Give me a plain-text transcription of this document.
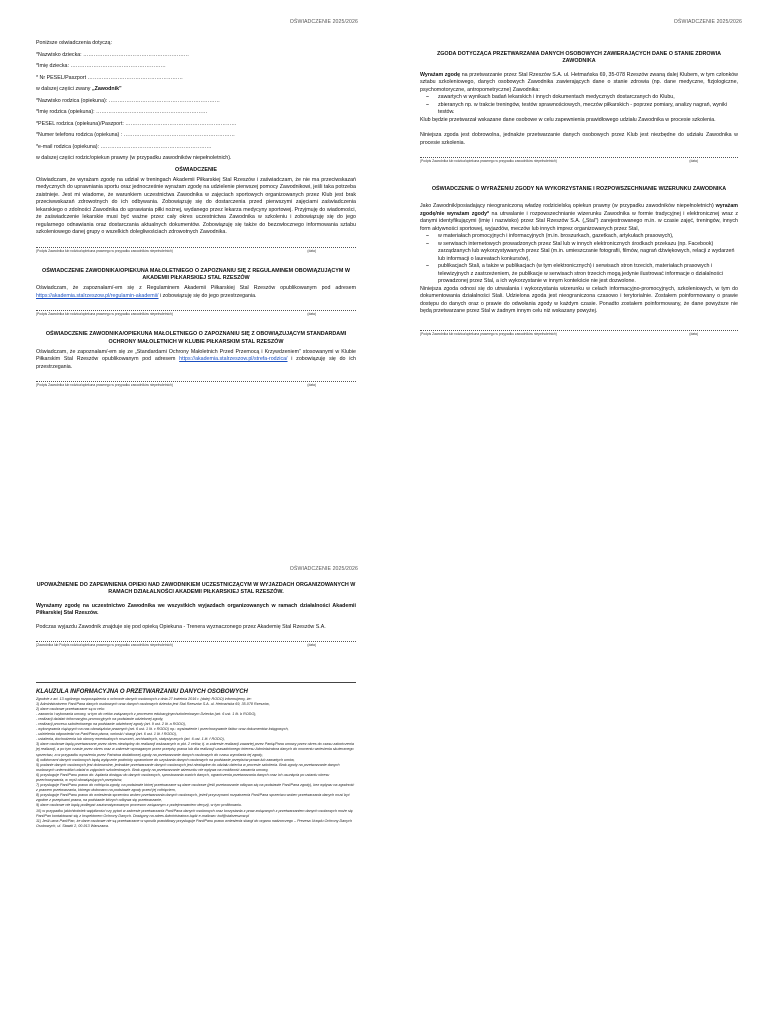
OŚWIADCZENIE 2025/2026

Poniższe oświadczenia dotyczą:

*Nazwisko dziecka: ……………………………………………………

*Imię dziecka: ………………………………………………

* Nr PESEL/Paszport ………………………………………………

w dalszej części zwany „Zawodnik”

*Nazwisko rodzica (opiekuna): ………………………………………………………

*Imię rodzica (opiekuna): ………………………………………………………

*PESEL rodzica (opiekuna)/Paszport: ………………………………………………………

*Numer telefonu rodzica (opiekuna) : ………………………………………………………

*e-mail rodzica (opiekuna): ………………………………………………………

w dalszej części rodzic/opiekun prawny (w przypadku zawodników niepełnoletnich).

OŚWIADCZENIE

Oświadczam, że wyrażam zgodę na udział w treningach Akademii Piłkarskiej Stal Rzeszów i zaświadczam, że nie ma przeciwskazań medycznych do uprawniania sportu oraz jednocześnie wyrażam zgodę na udzielenie pierwszej pomocy Zawodnikowi, jeśli taka potrzeba zaistnieje. Jest mi wiadome, że warunkiem uczestnictwa Zawodnika w zajęciach sportowych organizowanych przez Klub jest brak przeciwwskazań zdrowotnych do ich odbywania. Zobowiązuję się do dostarczenia przed pierwszymi zajęciami zaświadczenia lekarskiego o zdolności Zawodnika do uprawiania piłki nożnej, wydanego przez lekarza medycyny sportowej. Przyjmuję do wiadomości, że zaświadczenie lekarskie musi być ważne przez cały okres uczestnictwa Zawodnika w szkoleniu i zobowiązuję się do jego regularnego odnawiania oraz dostarczania aktualnych dokumentów. Zobowiązuję się także do bezzwłocznego informowania sztabu szkoleniowego danej grupy o wszelkich dolegliwościach zdrowotnych Zawodnika.

(Podpis Zawodnika lub rodzica/opiekuna prawnego w przypadku zawodników niepełnoletnich)	(data)
OŚWIADCZENIE ZAWODNIKA/OPIEKUNA MAŁOLETNIEGO O ZAPOZNANIU SIĘ Z REGULAMINEM OBOWIĄZUJĄCYM W AKADEMII PIŁKARSKIEJ STAL RZESZÓW

Oświadczam, że zapoznałam/-em się z Regulaminem Akademii Piłkarskiej Stal Rzeszów opublikowanym pod adresem https://akademia.stalrzeszow.pl/regulamin-akademii/ i zobowiązuję się do jego przestrzegania.

(Podpis Zawodnika lub rodzica/opiekuna prawnego w przypadku zawodników niepełnoletnich)	(data)
OŚWIADCZENIE ZAWODNIKA/OPIEKUNA MAŁOLETNIEGO O ZAPOZNANIU SIĘ Z OBOWIĄZUJĄCYM STANDARDAMI OCHRONY MAŁOLETNICH W KLUBIE PIŁKARSKIM STAL RZESZÓW

Oświadczam, że zapoznałam/-em się ze „Standardami Ochrony Małoletnich Przed Przemocą i Krzywdzeniem” stosowanymi w Klubie Piłkarskim Stal Rzeszów opublikowanym pod adresem https://akademia.stalrzeszow.pl/strefa-rodzica/ i zobowiązuję się do ich przestrzegania.

(Podpis Zawodnika lub rodzica/opiekuna prawnego w przypadku zawodników niepełnoletnich)	(data)
OŚWIADCZENIE 2025/2026
ZGODA DOTYCZĄCA PRZETWARZANIA DANYCH OSOBOWYCH ZAWIERAJĄCYCH DANE O STANIE ZDROWIA ZAWODNIKA

Wyrażam zgodę na przetwarzanie przez Stal Rzeszów S.A. ul. Hetmańska 69, 35-078 Rzeszów zwaną dalej Klubem, w tym członków sztabu szkoleniowego, danych osobowych Zawodnika zawierających dane o stanie zdrowia (np. dane medyczne, fizjologiczne, psychomotoryczne, antropometryczne) Zawodnika:

– zawartych w wynikach badań lekarskich i innych dokumentach medycznych dostarczanych do Klubu,
– zbieranych np. w trakcie treningów, testów sprawnościowych, meczów piłkarskich - poprzez pomiary, analizy nagrań, wyniki testów.

Klub będzie przetwarzał wskazane dane osobowe w celu zapewnienia prawidłowego udziału Zawodnika w procesie szkolenia.

Niniejsza zgoda jest dobrowolna, jednakże przetwarzanie danych osobowych przez Klub jest niezbędne do udziału Zawodnika w procesie szkolenia.

(Podpis Zawodnika lub rodzica/opiekuna prawnego w przypadku zawodników niepełnoletnich)	(data)
OŚWIADCZENIE O WYRAŻENIU ZGODY NA WYKORZYSTANIE I ROZPOWSZECHNIANIE WIZERUNKU ZAWODNIKA

Jako Zawodnik/posiadający nieograniczoną władzę rodzicielską opiekun prawny (w przypadku zawodników niepełnoletnich) wyrażam zgodę/nie wyrażam zgody* na utrwalanie i rozpowszechnianie wizerunku Zawodnika w formie tradycyjnej i elektronicznej wraz z danymi identyfikującymi (imię i nazwisko) przez Stal Rzeszów S.A. („Stal”) zarejestrowanego m.in. w czasie zajęć, treningów, innych form aktywności sportowej, wyjazdów, meczów lub innych imprez organizowanych przez Stal,

– w materiałach promocyjnych i informacyjnych (m.in. broszurkach, gazetkach, artykułach prasowych),
– w serwisach internetowych prowadzonych przez Stal lub w innych elektronicznych środkach przekazu (np. Facebook) zarządzanych lub wykorzystywanych przez Stal (m.in. umieszczanie fotografii, filmów, nagrań dźwiękowych, relacji z wydarzeń lub informacji o laureatach konkursów),
– publikacjach Stali, a także w publikacjach (w tym elektronicznych) i serwisach stron trzecich, materiałach prasowych i telewizyjnych z zastrzeżeniem, że publikacje w serwisach stron trzecich mogą jedynie ilustrować informacje o działalności prowadzonej przez Stal, a ich wykorzystanie w innym kontekście nie jest dozwolone.

Niniejsza zgoda odnosi się do utrwalania i wykorzystania wizerunku w celach informacyjno-promocyjnych, szkoleniowych, w tym do dokumentowania działalności Stali. Udzielona zgoda jest nieograniczona czasowo i terytorialnie. Zostałem poinformowany o prawie dostępu do danych oraz o prawie do odwołania zgody w każdym czasie. Ponadto zostałem poinformowany, że dane powyższe nie będą przetwarzane przez Stal w żadnym innym celu niż wskazany powyżej.

(Podpis Zawodnika lub rodzica/opiekuna prawnego w przypadku zawodników niepełnoletnich)	(data)
OŚWIADCZENIE 2025/2026
UPOWAŻNIENIE DO ZAPEWNIENIA OPIEKI NAD ZAWODNIKIEM UCZESTNICZĄCYM W WYJAZDACH ORGANIZOWANYCH W RAMACH DZIAŁALNOŚCI AKADEMII PIŁKARSKIEJ STAL RZESZÓW.

Wyrażamy zgodę na uczestnictwo Zawodnika we wszystkich wyjazdach organizowanych w ramach działalności Akademii Piłkarskiej Stal Rzeszów.

Podczas wyjazdu Zawodnik znajduje się pod opieką Opiekuna - Trenera wyznaczonego przez Akademię Stal Rzeszów S.A.

(Zawodnika lub Podpis rodzica/opiekuna prawnego w przypadku zawodników niepełnoletnich)	(data)
KLAUZULA INFORMACYJNA O PRZETWARZANIU DANYCH OSOBOWYCH

Zgodnie z art. 13 ogólnego rozporządzenia o ochronie danych osobowych z dnia 27 kwietnia 2016 r. (dalej; RODO) informujemy, że:

1) Administratorem Pani/Pana danych osobowych oraz danych osobowych dziecka jest Stal Rzeszów S.A. ul. Hetmańska 69, 35-078 Rzeszów,

2) dane osobowe przetwarzane są w celu:

- zawarcia i wykonania umowy, w tym do celów związanych z procesem edukacyjnym/szkoleniowym Dziecka (art. 6 ust. 1 lit. b RODO),

- realizacji działań informacyjno-promocyjnych na podstawie udzielonej zgody,

- realizacji procesu szkoleniowego na podstawie udzielonej zgody (art. 9 ust. 2 lit. a RODO),

- wykonywania ciążących na nas obowiązków prawnych (art. 6 ust. 1 lit. c RODO) np.: wystawienie i przechowywanie faktur oraz dokumentów księgowych,

- udzielenia odpowiedzi na Pani/Pana pisma, wnioski i skargi (art. 6 ust. 1 lit. f RODO),

- ustalenia, dochodzenia lub obrony ewentualnych roszczeń, archiwalnych, statystycznych (art. 6 ust. 1 lit. f RODO),

3) dane osobowe będą przetwarzane przez okres niezbędny do realizacji wskazanych w pkt. 2 celów, tj. w zakresie realizacji zawartej przez Panią/Pana umowy przez okres do czasu zakończenia jej realizacji, a po tym czasie przez okres oraz w zakresie wymaganym przez przepisy prawa lub dla realizacji uzasadnionego interesu Administratora danych do momentu wniesienia skutecznego sprzeciwu, a w przypadku wyrażenia przez Państwa dodatkowej zgody na przetwarzanie danych osobowych do czasu wycofania tej zgody,

4) odbiorcami danych osobowych będą wyłącznie podmioty uprawnione do uzyskania danych osobowych na podstawie przepisów prawa lub zawartych umów,

5) podanie danych osobowych jest dobrowolne, jednakże przetwarzanie danych osobowych jest niezbędne do udziału dziecka w procesie szkolenia. Brak zgody na przetwarzanie danych osobowych uniemożliwi udział w zajęciach szkoleniowych. Brak zgody na przetwarzanie wizerunku nie wpływa na możliwość zawarcia umowy,

6) przysługuje Pani/Panu prawo do: żądania dostępu do danych osobowych, sprostowania swoich danych, ograniczenia przetwarzania danych oraz ich usunięcia po ustaniu okresu przechowywania, w myśl obowiązujących przepisów,

7) przysługuje Pani/Panu prawo do cofnięcia zgody, na podstawie której przetwarzane są dane osobowe (jeśli przetwarzanie odbywa się na podstawie Pani/Pana zgody), bez wpływu na zgodność z prawem przetwarzania, którego dokonano na podstawie zgody przed jej cofnięciem,

8) przysługuje Pani/Panu prawo do wniesienia sprzeciwu wobec przetwarzania danych osobowych, jeżeli przyczynami rozpatrzenia Pani/Pana sprzeciwu wobec przetwarzania danych musi być zgodne z przepisami prawa, na podstawie których odbywa się przetwarzanie,

9) dane osobowe nie będą podlegać zautomatyzowanym procesom związanym z podejmowaniem decyzji, w tym profilowaniu.

10) w przypadku jakichkolwiek wątpliwości czy pytań w zakresie przetwarzania Pani/Pana danych osobowych oraz korzystania z praw związanych z przetwarzaniem danych osobowych może się Pani/Pan kontaktować się z Inspektorem Ochrony Danych. Dostępny na adres Administratora bądź e-mailowo: iod@stalrzeszow.pl

11) Jeśli uzna Pani/Pan, że dane osobowe nie są przetwarzane w sposób prawidłowy przysługuje Pani/Panu prawo wniesienia skargi do organu nadzorczego – Prezesa Urzędu Ochrony Danych Osobowych, ul. Stawki 2, 00-913 Warszawa.
